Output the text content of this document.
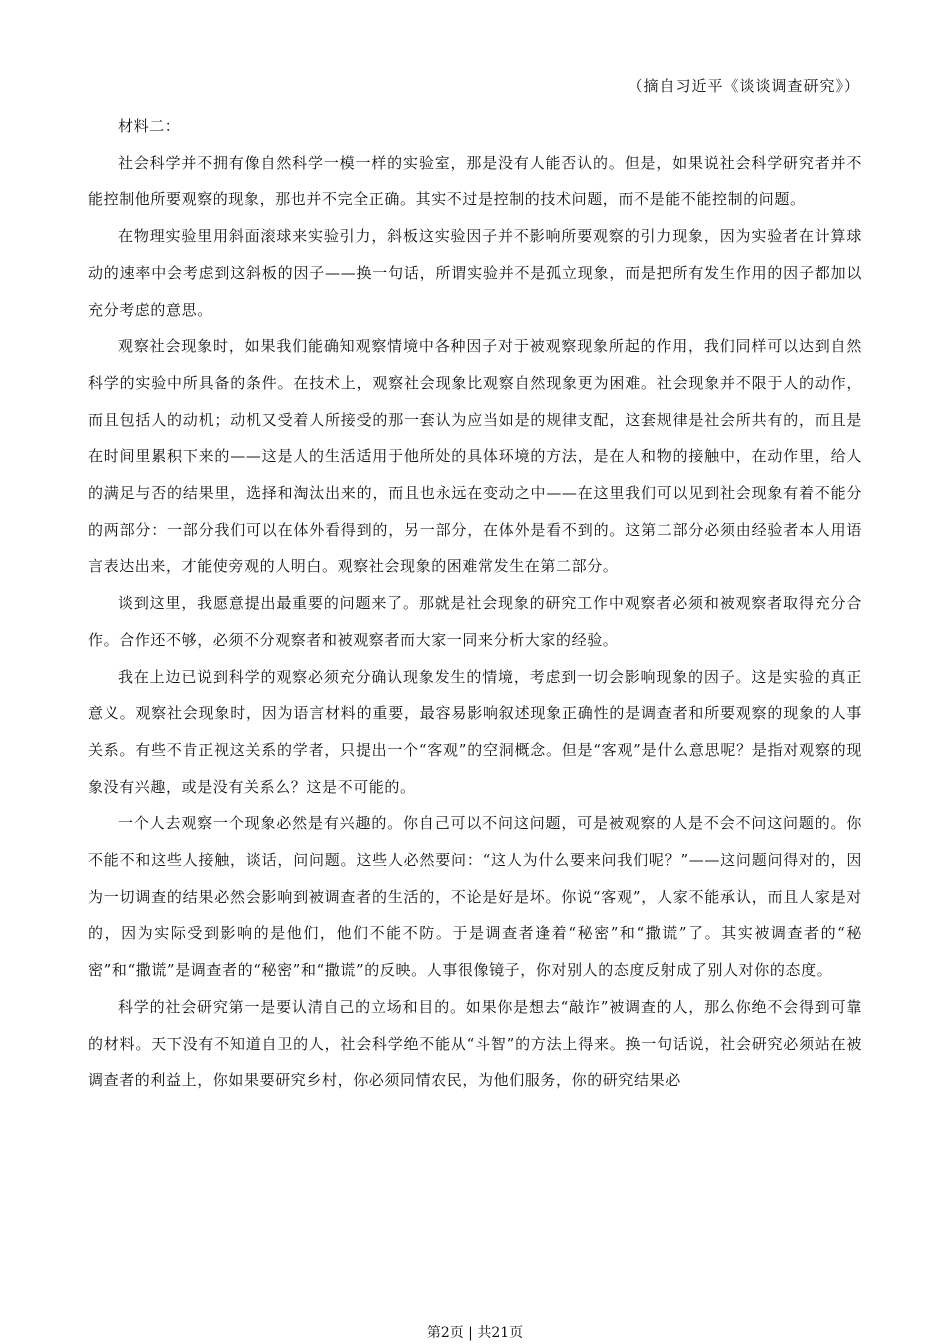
（摘自习近平《谈谈调查研究》）

材料二：

社会科学并不拥有像自然科学一模一样的实验室，那是没有人能否认的。但是，如果说社会科学研究者并不能控制他所要观察的现象，那也并不完全正确。其实不过是控制的技术问题，而不是能不能控制的问题。

在物理实验里用斜面滚球来实验引力，斜板这实验因子并不影响所要观察的引力现象，因为实验者在计算球动的速率中会考虑到这斜板的因子——换一句话，所谓实验并不是孤立现象，而是把所有发生作用的因子都加以充分考虑的意思。

观察社会现象时，如果我们能确知观察情境中各种因子对于被观察现象所起的作用，我们同样可以达到自然科学的实验中所具备的条件。在技术上，观察社会现象比观察自然现象更为困难。社会现象并不限于人的动作，而且包括人的动机；动机又受着人所接受的那一套认为应当如是的规律支配，这套规律是社会所共有的，而且是在时间里累积下来的——这是人的生活适用于他所处的具体环境的方法，是在人和物的接触中，在动作里，给人的满足与否的结果里，选择和淘汰出来的，而且也永远在变动之中——在这里我们可以见到社会现象有着不能分的两部分：一部分我们可以在体外看得到的，另一部分，在体外是看不到的。这第二部分必须由经验者本人用语言表达出来，才能使旁观的人明白。观察社会现象的困难常发生在第二部分。

谈到这里，我愿意提出最重要的问题来了。那就是社会现象的研究工作中观察者必须和被观察者取得充分合作。合作还不够，必须不分观察者和被观察者而大家一同来分析大家的经验。

我在上边已说到科学的观察必须充分确认现象发生的情境，考虑到一切会影响现象的因子。这是实验的真正意义。观察社会现象时，因为语言材料的重要，最容易影响叙述现象正确性的是调查者和所要观察的现象的人事关系。有些不肯正视这关系的学者，只提出一个“客观”的空洞概念。但是“客观”是什么意思呢？是指对观察的现象没有兴趣，或是没有关系么？这是不可能的。

一个人去观察一个现象必然是有兴趣的。你自己可以不问这问题，可是被观察的人是不会不问这问题的。你不能不和这些人接触，谈话，问问题。这些人必然要问：“这人为什么要来问我们呢？”——这问题问得对的，因为一切调查的结果必然会影响到被调查者的生活的，不论是好是坏。你说“客观”，人家不能承认，而且人家是对的，因为实际受到影响的是他们，他们不能不防。于是调查者逢着“秘密”和“撒谎”了。其实被调查者的“秘密”和“撒谎”是调查者的“秘密”和“撒谎”的反映。人事很像镜子，你对别人的态度反射成了别人对你的态度。

科学的社会研究第一是要认清自己的立场和目的。如果你是想去“敲诈”被调查的人，那么你绝不会得到可靠的材料。天下没有不知道自卫的人，社会科学绝不能从“斗智”的方法上得来。换一句话说，社会研究必须站在被调查者的利益上，你如果要研究乡村，你必须同情农民，为他们服务，你的研究结果必

第2页 | 共21页
